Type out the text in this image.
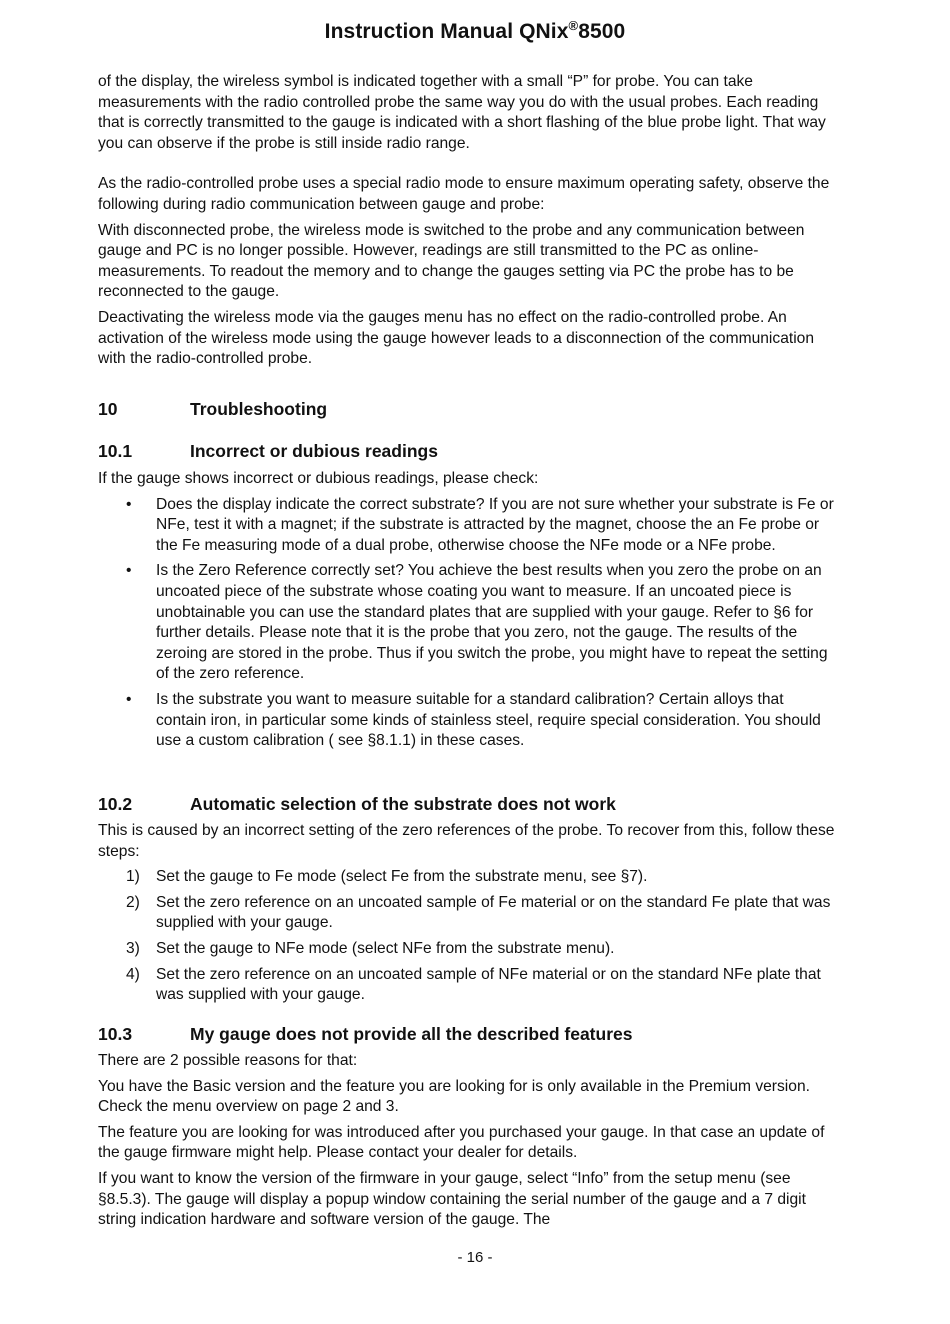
Instruction Manual QNix®8500

of the display, the wireless symbol is indicated together with a small “P” for probe. You can take measurements with the radio controlled probe the same way you do with the usual probes. Each reading that is correctly transmitted to the gauge is indicated with a short flashing of the blue probe light. That way you can observe if the probe is still inside radio range.

As the radio-controlled probe uses a special radio mode to ensure maximum operating safety, observe the following during radio communication between gauge and probe:

With disconnected probe, the wireless mode is switched to the probe and any communication between gauge and PC is no longer possible. However, readings are still transmitted to the PC as online-measurements. To readout the memory and to change the gauges setting via PC the probe has to be reconnected to the gauge.

Deactivating the wireless mode via the gauges menu has no effect on the radio-controlled probe. An activation of the wireless mode using the gauge however leads to a disconnection of the communication with the radio-controlled probe.

10	Troubleshooting
10.1	Incorrect or dubious readings

If the gauge shows incorrect or dubious readings, please check:

• Does the display indicate the correct substrate? If you are not sure whether your substrate is Fe or NFe, test it with a magnet; if the substrate is attracted by the magnet, choose the an Fe probe or the Fe measuring mode of a dual probe, otherwise choose the NFe mode or a NFe probe.
• Is the Zero Reference correctly set? You achieve the best results when you zero the probe on an uncoated piece of the substrate whose coating you want to measure. If an uncoated piece is unobtainable you can use the standard plates that are supplied with your gauge. Refer to §6 for further details. Please note that it is the probe that you zero, not the gauge. The results of the zeroing are stored in the probe. Thus if you switch the probe, you might have to repeat the setting of the zero reference.
• Is the substrate you want to measure suitable for a standard calibration? Certain alloys that contain iron, in particular some kinds of stainless steel, require special consideration. You should use a custom calibration ( see §8.1.1) in these cases.
10.2	Automatic selection of the substrate does not work

This is caused by an incorrect setting of the zero references of the probe. To recover from this, follow these steps:

1) Set the gauge to Fe mode (select Fe from the substrate menu, see §7).
2) Set the zero reference on an uncoated sample of Fe material or on the standard Fe plate that was supplied with your gauge.
3) Set the gauge to NFe mode (select NFe from the substrate menu).
4) Set the zero reference on an uncoated sample of NFe material or on the standard NFe plate that was supplied with your gauge.
10.3	My gauge does not provide all the described features

There are 2 possible reasons for that:

You have the Basic version and the feature you are looking for is only available in the Premium version. Check the menu overview on page 2 and 3.

The feature you are looking for was introduced after you purchased your gauge. In that case an update of the gauge firmware might help. Please contact your dealer for details.

If you want to know the version of the firmware in your gauge, select “Info” from the setup menu (see §8.5.3). The gauge will display a popup window containing the serial number of the gauge and a 7 digit string indication hardware and software version of the gauge. The

- 16 -
